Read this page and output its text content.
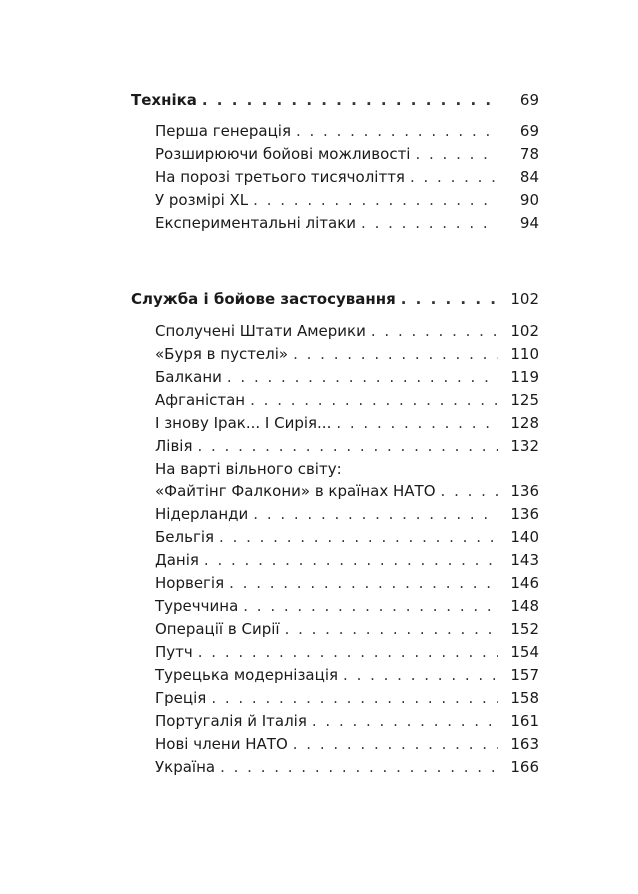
Техніка . . .	69
Перша генерація . . .	69
Розширюючи бойові можливості . . .	78
На порозі третього тисячоліття . . .	84
У розмірі XL . . .	90
Експериментальні літаки . . .	94
Служба і бойове застосування . . .	102
Сполучені Штати Америки . . .	102
«Буря в пустелі» . . .	110
Балкани . . .	119
Афганістан . . .	125
І знову Ірак... І Сирія... . . .	128
Лівія . . .	132
На варті вільного світу:
«Файтінг Фалкони» в країнах НАТО . . .	136
Нідерланди . . .	136
Бельгія . . .	140
Данія . . .	143
Норвегія . . .	146
Туреччина . . .	148
Операції в Сирії . . .	152
Путч . . .	154
Турецька модернізація . . .	157
Греція . . .	158
Португалія й Італія . . .	161
Нові члени НАТО . . .	163
Україна . . .	166
